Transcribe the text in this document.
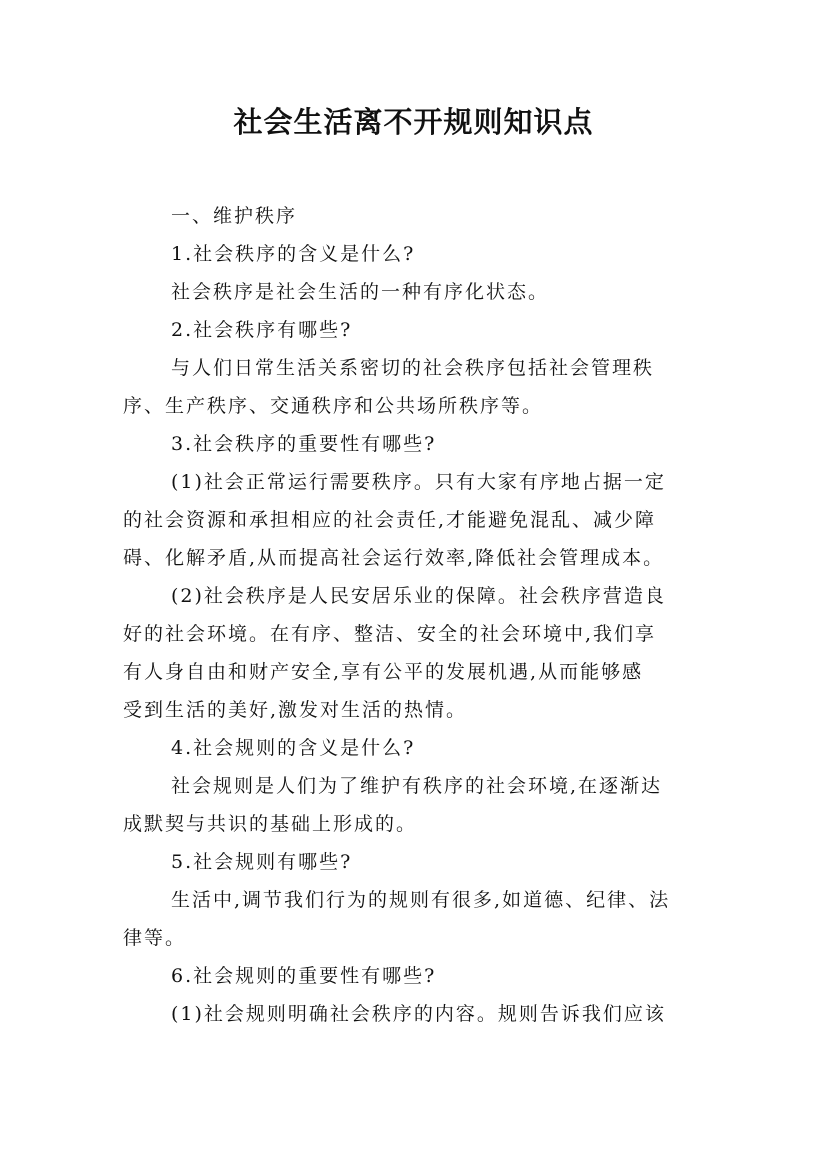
社会生活离不开规则知识点
一、维护秩序
1.社会秩序的含义是什么?
社会秩序是社会生活的一种有序化状态。
2.社会秩序有哪些?
与人们日常生活关系密切的社会秩序包括社会管理秩
序、生产秩序、交通秩序和公共场所秩序等。
3.社会秩序的重要性有哪些?
(1)社会正常运行需要秩序。只有大家有序地占据一定
的社会资源和承担相应的社会责任,才能避免混乱、减少障
碍、化解矛盾,从而提高社会运行效率,降低社会管理成本。
(2)社会秩序是人民安居乐业的保障。社会秩序营造良
好的社会环境。在有序、整洁、安全的社会环境中,我们享
有人身自由和财产安全,享有公平的发展机遇,从而能够感
受到生活的美好,激发对生活的热情。
4.社会规则的含义是什么?
社会规则是人们为了维护有秩序的社会环境,在逐渐达
成默契与共识的基础上形成的。
5.社会规则有哪些?
生活中,调节我们行为的规则有很多,如道德、纪律、法
律等。
6.社会规则的重要性有哪些?
(1)社会规则明确社会秩序的内容。规则告诉我们应该
